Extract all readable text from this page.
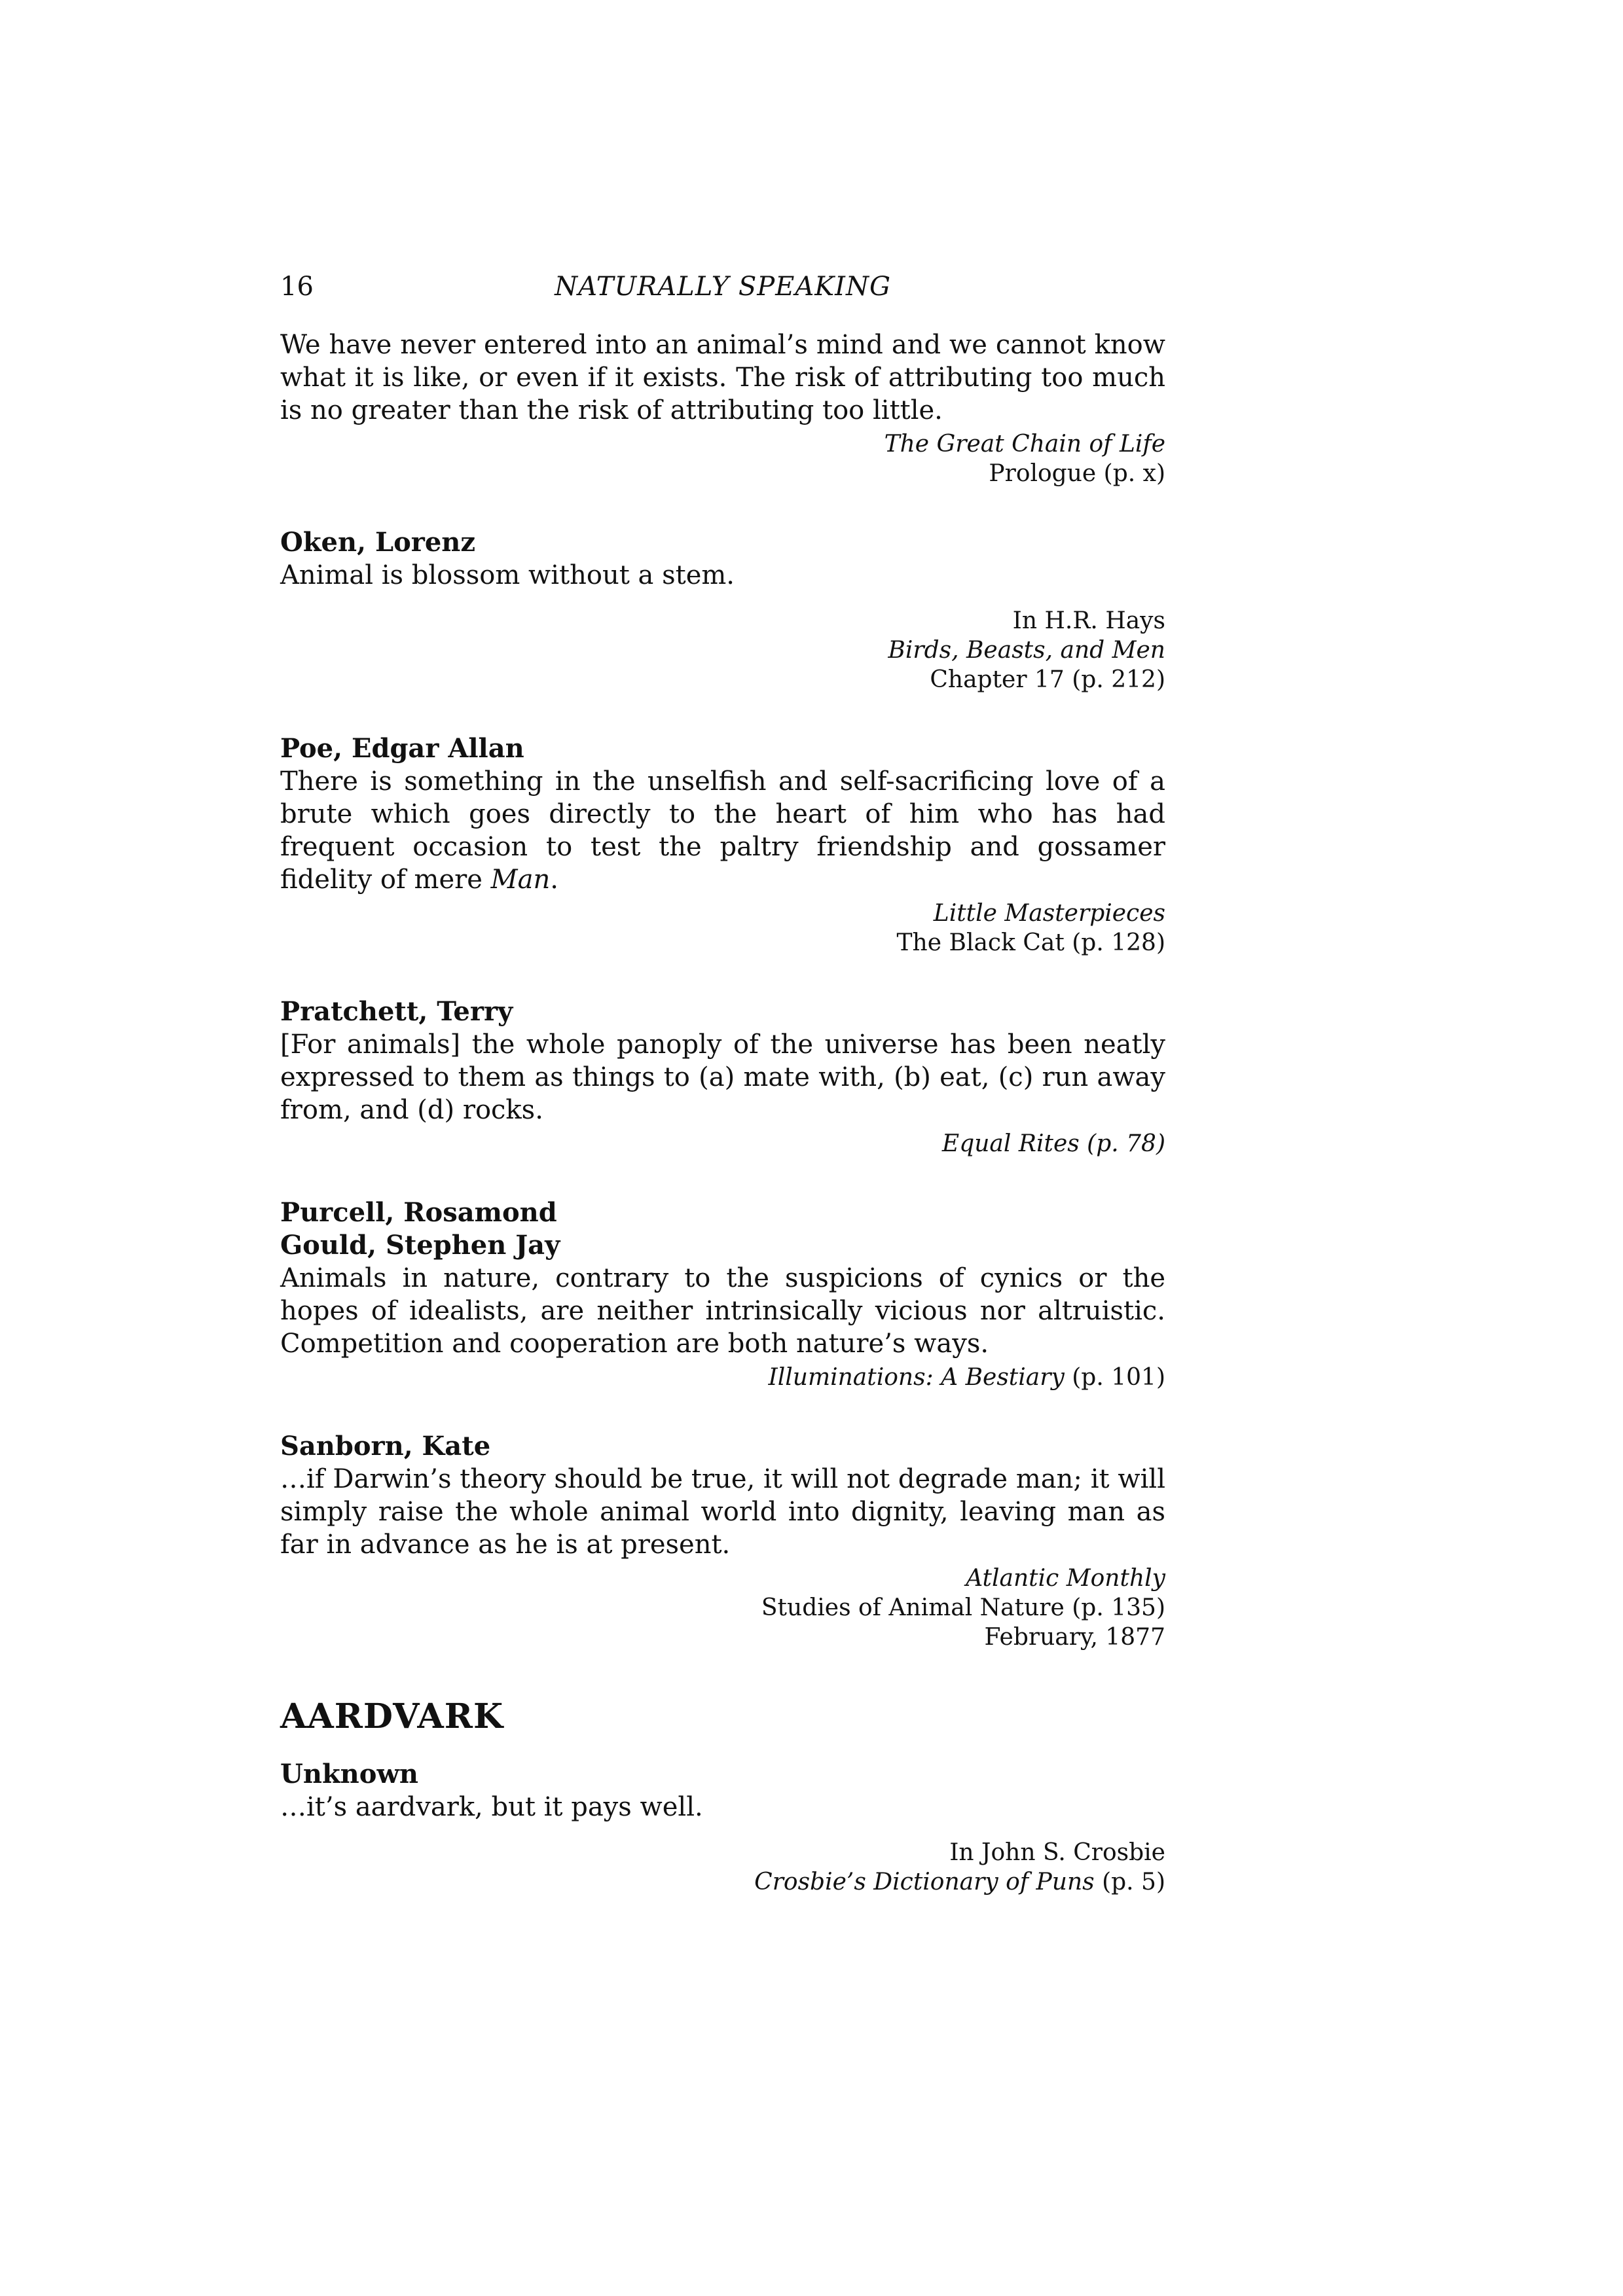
16	NATURALLY SPEAKING

We have never entered into an animal’s mind and we cannot know what it is like, or even if it exists. The risk of attributing too much is no greater than the risk of attributing too little.

The Great Chain of Life
Prologue (p. x)

Oken, Lorenz

Animal is blossom without a stem.

In H.R. Hays
Birds, Beasts, and Men
Chapter 17 (p. 212)

Poe, Edgar Allan

There is something in the unselfish and self-sacrificing love of a brute which goes directly to the heart of him who has had frequent occasion to test the paltry friendship and gossamer fidelity of mere Man.

Little Masterpieces
The Black Cat (p. 128)

Pratchett, Terry

[For animals] the whole panoply of the universe has been neatly expressed to them as things to (a) mate with, (b) eat, (c) run away from, and (d) rocks.

Equal Rites (p. 78)

Purcell, Rosamond

Gould, Stephen Jay

Animals in nature, contrary to the suspicions of cynics or the hopes of idealists, are neither intrinsically vicious nor altruistic. Competition and cooperation are both nature’s ways.

Illuminations: A Bestiary (p. 101)

Sanborn, Kate

…if Darwin’s theory should be true, it will not degrade man; it will simply raise the whole animal world into dignity, leaving man as far in advance as he is at present.

Atlantic Monthly
Studies of Animal Nature (p. 135)
February, 1877
AARDVARK

Unknown

…it’s aardvark, but it pays well.

In John S. Crosbie
Crosbie’s Dictionary of Puns (p. 5)
